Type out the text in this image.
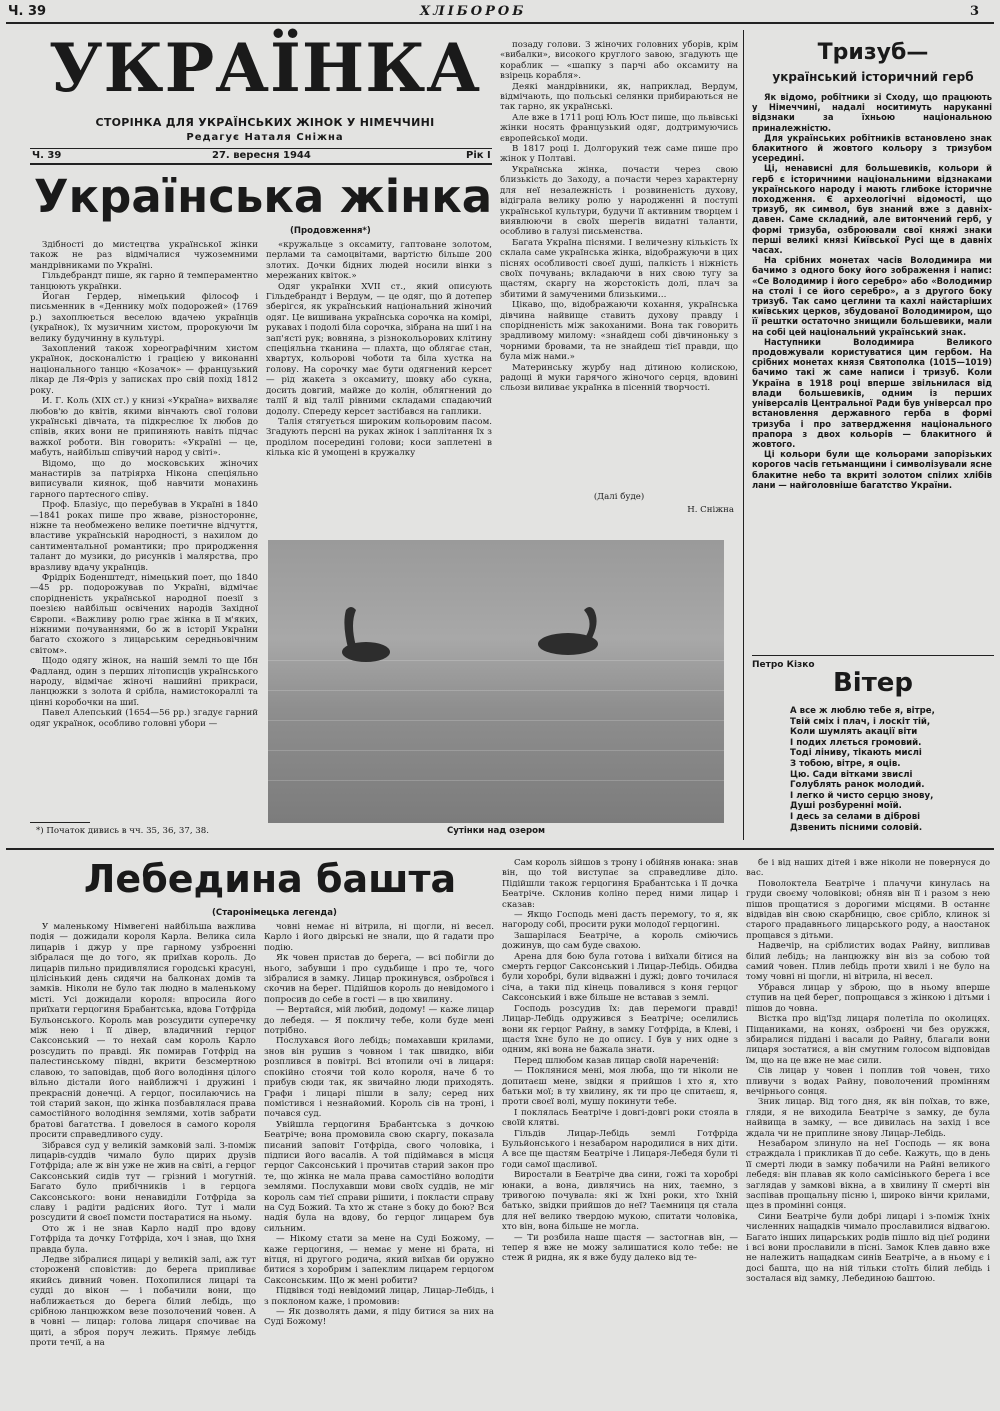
Ч. 39	ХЛІБОРОБ	3
УКРАЇНКА
СТОРІНКА ДЛЯ УКРАЇНСЬКИХ ЖІНОК У НІМЕЧЧИНІ
Редагує Наталя Сніжна
Ч. 39	27. вересня 1944	Рік І
Українська жінка
(Продовження*)

Здібності до мистецтва української жінки також не раз відмічалися чужоземними мандрівниками по Україні.

Гільдебрандт пише, як гарно й темпераментно танцюють українки.

Йоган Гердер, німецький філософ і письменник в «Деннику моїх подорожей» (1769 р.) захоплюється веселою вдачею українців (українок), їх музичним хистом, пророкуючи їм велику будучинну в культурі.

Захоплений також хореографічним хистом українок, досконалістю і грацією у виконанні національного танцю «Козачок» — французький лікар де Ля-Фріз у записках про свій похід 1812 року.

И. Г. Коль (XIX ст.) у книзі «Україна» вихваляє любов'ю до квітів, якими вінчають свої голови українські дівчата, та підкреслює їх любов до співів, яких вони не припиняють навіть підчас важкої роботи. Він говорить: «Україні — це, мабуть, найбільш співучий народ у світі».

Відомо, що до московських жіночих манастирів за патріярха Нікона спеціяльно виписували киянок, щоб навчити монахинь гарного партесного співу.

Проф. Блазіус, що перебував в Україні в 1840—1841 роках пише про жваве, різностороннє, ніжне та необмежено велике поетичне відчуття, властиве українській народності, з нахилом до сантиментальної романтики; про природження талант до музики, до рисунків і малярства, про вразливу вдачу українців.

Фрідріх Боденштедт, німецький поет, що 1840—45 рр. подорожував по Україні, відмічає спорідненість української народної поезії з поезією найбільш освічених народів Західної Європи. «Важливу ролю грає жінка в її м'яких, ніжними почуваннями, бо ж в історії України багато схожого з лицарським середньовічним світом».

Щодо одягу жінок, на нашій землі то ще Ібн Фадланд, один з перших літописців українського народу, відмічає жіночі нашийні прикраси, ланцюжки з золота й срібла, намистокораллі та цінні коробочки на шиї.

Павел Алепський (1654—56 рр.) згадує гарний одяг українок, особливо головні убори —

*) Початок дивись в чч. 35, 36, 37, 38.

«кружальце з оксамиту, гаптоване золотом, перлами та самоцвітами, вартістю більше 200 злотих. Дочки бідних людей носили вінки з мережаних квіток.»

Одяг українки XVII ст., який описують Гільдебрандт і Вердум, — це одяг, що й дотепер зберігся, як український національний жіночий одяг. Це вишивана українська сорочка на комірі, рукавах і подолі біла сорочка, зібрана на шиї і на зап'ясті рук; вовняна, з різнокольорових клітину спеціяльна тканина — плахта, що облягає стан, хвартух, кольорові чоботи та біла хустка на голову. На сорочку має бути одягнений керсет — рід жакета з оксамиту, шовку або сукна, досить довгий, майже до колін, облягнений до талії й від талії рівними складами спадаючий додолу. Спереду керсет застібався на гаплики.

Талія стягується широким кольоровим пасом. Згадують персні на руках жінок і заплітання їх з проділом посередині голови; коси заплетені в кілька кіс й умощені в кружалку

позаду голови. З жіночих головних уборів, крім «вибалки», високого круглого завою, згадують ще кораблик — «шапку з парчі або оксамиту на взірець корабля».

Деякі мандрівники, як, наприклад, Вердум, відмічають, що польські селянки прибираються не так гарно, як українські.

Але вже в 1711 році Юль Юст пише, що львівські жінки носять французький одяг, додтримуючись європейської моди.

В 1817 році І. Долгорукий теж саме пише про жінок у Полтаві.

Українська жінка, почасти через свою близькість до Заходу, а почасти через характерну для неї незалежність і розвиненість духову, відіграла велику ролю у народженні й поступі української культури, будучи її активним творцем і виявлюючи в своїх шерегів видатні таланти, особливо в галузі письменства.

Багата Україна піснями. І величезну кількість їх склала саме українська жінка, відображуючи в цих піснях особливості своєї душі, палкість і ніжність своїх почувань; вкладаючи в них свою тугу за щастям, скаргу на жорстокість долі, плач за збитими й замученими близькими…

Цікаво, що, відображаючи кохання, українська дівчина найвище ставить духову правду і спорідненість між закоханими. Вона так говорить зрадливому милому: «знайдеш собі дівчиноньку з чорними бровами, та не знайдеш тієї правди, що була між нами.»

Материнську журбу над дітиною колискою, радощі й муки гарячого жіночого серця, вдовині сльози виливає українка в пісенній творчості.

(Далі буде)
Н. Сніжна
Тризуб—
український історичний герб

Як відомо, робітники зі Сходу, що працюють у Німеччині, надалі носитимуть наруканні відзнаки за їхньою національною приналежністю.

Для українських робітників встановлено знак блакитного й жовтого кольору з тризубом усередині.

Ці, ненависні для большевиків, кольори й герб є історичними національними відзнаками українського народу і мають глибоке історичне походження. Є археологічні відомості, що тризуб, як символ, був знаний вже з давніх-давен. Саме складний, але витончений герб, у формі тризуба, озброювали свої княжі знаки перші великі князі Київської Русі ще в давніх часах.

На срібних монетах часів Володимира ми бачимо з одного боку його зображення і напис: «Се Володимир і його серебро» або «Володимир на столі і се його серебро», а з другого боку тризуб. Так само цеглини та кахлі найстаріших київських церков, збудованої Володимиром, що її рештки остаточно знищили большевики, мали на собі цей національний український знак.

Наступники Володимира Великого продовжували користуватися цим гербом. На срібних монетах князя Святополка (1015—1019) бачимо такі ж саме написи і тризуб. Коли Україна в 1918 році вперше звільнилася від влади большевиків, одним із перших універсалів Центральної Ради був універсал про встановлення державного герба в формі тризуба і про затвердження національного прапора з двох кольорів — блакитного й жовтого.

Ці кольори були ще кольорами запорізьких корогов часів гетьманщини і символізували ясне блакитне небо та вкриті золотом спілих хлібів лани — найголовніше багатство України.

Петро Кізко
Вітер
А все ж люблю тебе я, вітре,
Твій сміх і плач, і лоскіт тій,
Коли шумлять акації віти
І подих ллється громовий.
Тоді ліниву, тікають мислі
З тобою, вітре, я оців.
Цю. Сади вітками звислі
Голублять ранок молодий.
І легко й чисто серцю знову,
Душі розбуренні моїй.
І десь за селами в діброві
Дзвенить пісними соловій.
Сутінки над озером
Лебедина башта
(Старонімецька легенда)

У маленькому Німвегені найбільша важлива подія — дожидали короля Карла. Велика сила лицарів і джур у пре гарному узброєнні зібралася ще до того, як приїхав король. До лицарів пильно придивлялися городські красуні, цілісінький день сидячи на балконах домів та замків. Ніколи не було так людно в маленькому місті. Усі дожидали короля: впросила його приїхати герцогиня Брабантська, вдова Готфріда Бульонського. Король мав розсудити суперечку між нею і її дівер, владичний герцог Саксонський — то нехай сам король Карло розсудить по правді. Як помирав Готфрід на палестинському півдні, вкрити безсмертною славою, то заповідав, щоб його володіння цілого вільно дістали його найближчі і дружині і прекрасній донечці. А герцог, посилаючись на той старий закон, що жінка позбавлялася права самостійного володіння землями, хотів забрати братові багатства. І довелося в самого короля просити справедливого суду.

Зібрався суд у великій замковій залі. З-поміж лицарів-суддів чимало було щирих друзів Готфріда; але ж він уже не жив на світі, а герцог Саксонський сидів тут — грізний і могутній. Багато було прибічників і в герцога Саксонського: вони ненавиділи Готфріда за славу і радіти радісних його. Тут і мали розсудити й своєї помсти постаратися на ньому.

Ото ж і не знав Карло надії про вдову Готфріда та дочку Готфріда, хоч і знав, що їхня правда була.

Ледве зібралися лицарі у великій залі, аж тут стороженй сповістив: до берега припливає якийсь дивний човен. Похопилися лицарі та судді до вікон — і побачили вони, що наближається до берега білий лебідь, що срібною ланцюжком везе позолочений човен. А в човні — лицар: голова лицаря спочиває на щиті, а зброя поруч лежить. Прямує лебідь проти течії, а на

човні немає ні вітрила, ні щогли, ні весел. Карло і його двірські не знали, що й гадати про подію.

Як човен пристав до берега, — всі побігли до нього, забувши і про судьбище і про те, чого зібралися в замку. Лицар прокинувся, озброївся і скочив на берег. Підійшов король до невідомого і попросив до себе в гості — в цю хвилину.

— Вертайся, мій любий, додому! — каже лицар до лебедя. — Я покличу тебе, коли буде мені потрібно.

Послухався його лебідь; помахавши крилами, знов він рушив з човном і так швидко, віби розплився в повітрі. Всі втопили очі в лицаря: спокійно стоячи той коло короля, наче б то прибув сюди так, як звичайно люди приходять. Графи і лицарі пішли в залу; серед них помістився і незнайомий. Король сів на троні, і почався суд.

Увійшла герцогиня Брабантська з дочкою Беатріче; вона промовила свою скаргу, показала писаний заповіт Готфріда, свого чоловіка, і підписи його васалів. А той підіймався в місця герцог Саксонський і прочитав старий закон про те, що жінка не мала права самостійно володіти землями. Послухавши мови своїх суддів, не міг король сам тієї справи рішити, і покласти справу на Суд Божий. Та хто ж стане з боку до бою? Вся надія була на вдову, бо герцог лицарем був сильним.

— Нікому стати за мене на Суді Божому, — каже герцогиня, — немає у мене ні брата, ні вітця, ні другого родича, який виїхав би оружно битися з хоробрим і запеклим лицарем герцогом Саксонським. Що ж мені робити?

Підвівся тоді невідомий лицар, Лицар-Лебідь, і з поклоном каже, і промовив:

— Як дозволять дами, я піду битися за них на Суді Божому!

Сам король зійшов з трону і обійняв юнака: знав він, що той виступає за справедливе діло. Підійшли також герцогиня Брабантська і її дочка Беатріче. Склонив колінo перед ними лицар і сказав:

— Якщо Господь мені дасть перемогу, то я, як нагороду собі, просити руки молодої герцогині.

Зашарілася Беатріче, а король сміючись дожинув, що сам буде свахою.

Арена для бою була готова і виїхали бітися на смерть герцог Саксонський і Лицар-Лебідь. Обидва були хоробрі, були відважні і дужі; довго точилася січа, а таки під кінець повалився з коня герцог Саксонський і вже більше не вставав з землі.

Господь розсудив їх: дав перемоги правді! Лицар-Лебідь одружився з Беатріче; оселились вони як герцог Райну, в замку Готфріда, в Клеві, і щастя їхнє було не до опису. І був у них одне з одним, які вона не бажала знати.

Перед шлюбом казав лицар своїй нареченій:

— Поклянися мені, моя люба, що ти ніколи не допитаєш мене, звідки я прийшов і хто я, хто батьки мої; в ту хвилину, як ти про це спитаєш, я, проти своєї волі, мушу покинути тебе.

І поклялась Беатріче і довгі-довгі роки стояла в своїй клятві.

Гільдів Лицар-Лебідь землі Готфріда Бульйонського і незабаром народилися в них діти. А все ще щастям Беатріче і Лицаря-Лебедя були ті годи самої щасливої.

Виростали в Беатріче два сини, гожі та хоробрі юнаки, а вона, дивлячись на них, таємно, з тривогою почувала: які ж їхні роки, хто їхній батько, звідки прийшов до неї? Таємниця ця стала для неї велико твердою мукою, спитати чоловіка, хто він, вона більше не могла.

— Ти розбила наше щастя — застогнав він, — тепер я вже не можу залишатися коло тебе: не стеж й ридна, як я вже буду далеко від те-

бе і від наших дітей і вже ніколи не повернуся до вас.

Поволоктела Беатріче і плачучи кинулась на груди своєму чоловікові; обняв він її і разом з нею пішов прощатися з дорогими місцями. В останнє відвідав він свою скарбницю, своє срібло, клинок зі старого прадавнього лицарського роду, а наостанок прощався з дітьми.

Надвечір, на сріблистих водах Райну, випливав білий лебідь; на ланцюжку він віз за собою той самий човен. Плив лебідь проти хвилі і не було на тому човні ні щогли, ні вітрила, ні весел.

Убрався лицар у зброю, що в ньому вперше ступив на цей берег, попрощався з жінкою і дітьми і пішов до човна.

Вістка про від'їзд лицаря полетіла по околицях. Піщаниками, на конях, озброєні чи без оружжя, збиралися піддані і васали до Райну, благали вони лицаря зостатися, а він смутним голосом відповідав їм, що на це вже не має сили.

Сів лицар у човен і поплив той човен, тихо пливучи з водах Райну, поволочений промінням вечірнього сонця.

Зник лицар. Від того дня, як він поїхав, то вже, гляди, я не виходила Беатріче з замку, де була найвища в замку, — все дивилась на захід і все ждала чи не приплине знову Лицар-Лебідь.

Незабаром злинуло на неї Господь — як вона страждала і прикликав її до себе. Кажуть, що в день її смерті люди в замку побачили на Райні великого лебедя: він плавав як коло самісінького берега і все заглядав у замкові вікна, а в хвилину її смерті він заспівав прощальну пісню і, широко вінчи крилами, щез в промінні сонця.

Сини Беатріче були добрі лицарі і з-поміж їхніх численних нащадків чимало прославилися відвагою. Багато інших лицарських родів пішло від цієї родини і всі вони прославили в пісні. Замок Клев давно вже не належить нащадкам синів Беатріче, а в ньому є і досі башта, що на ній тільки стоїть білий лебідь і зосталася від замку, Лебединою баштою.
